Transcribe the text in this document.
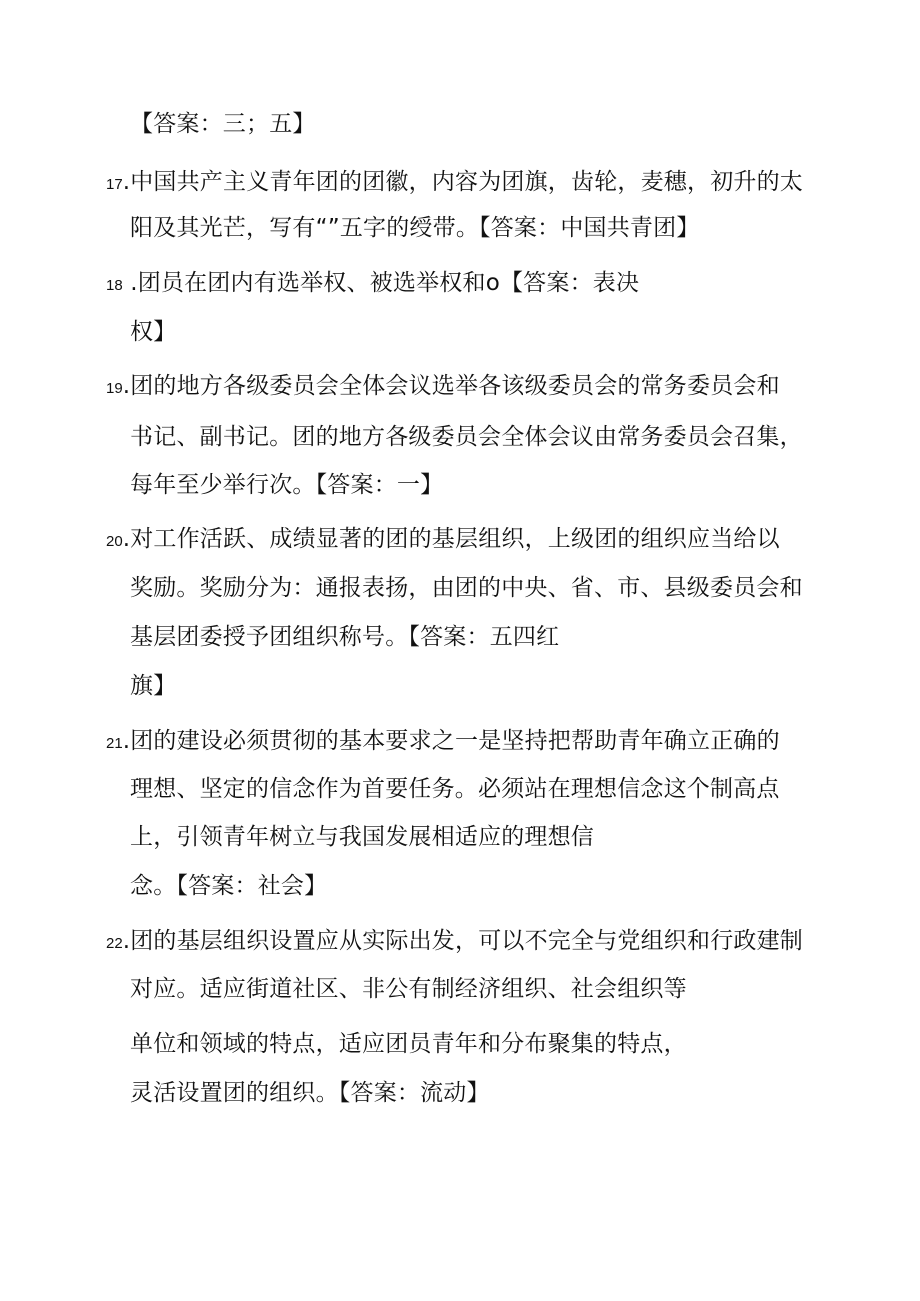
【答案：三；五】
17.中国共产主义青年团的团徽，内容为团旗，齿轮，麦穗，初升的太
阳及其光芒，写有“”五字的绶带。【答案：中国共青团】
18 .团员在团内有选举权、被选举权和o【答案：表决
权】
19.团的地方各级委员会全体会议选举各该级委员会的常务委员会和
书记、副书记。团的地方各级委员会全体会议由常务委员会召集，
每年至少举行次。【答案：一】
20.对工作活跃、成绩显著的团的基层组织，上级团的组织应当给以
奖励。奖励分为：通报表扬，由团的中央、省、市、县级委员会和
基层团委授予团组织称号。【答案：五四红
旗】
21.团的建设必须贯彻的基本要求之一是坚持把帮助青年确立正确的
理想、坚定的信念作为首要任务。必须站在理想信念这个制高点
上，引领青年树立与我国发展相适应的理想信
念。【答案：社会】
22.团的基层组织设置应从实际出发，可以不完全与党组织和行政建制
对应。适应街道社区、非公有制经济组织、社会组织等
单位和领域的特点，适应团员青年和分布聚集的特点，
灵活设置团的组织。【答案：流动】
